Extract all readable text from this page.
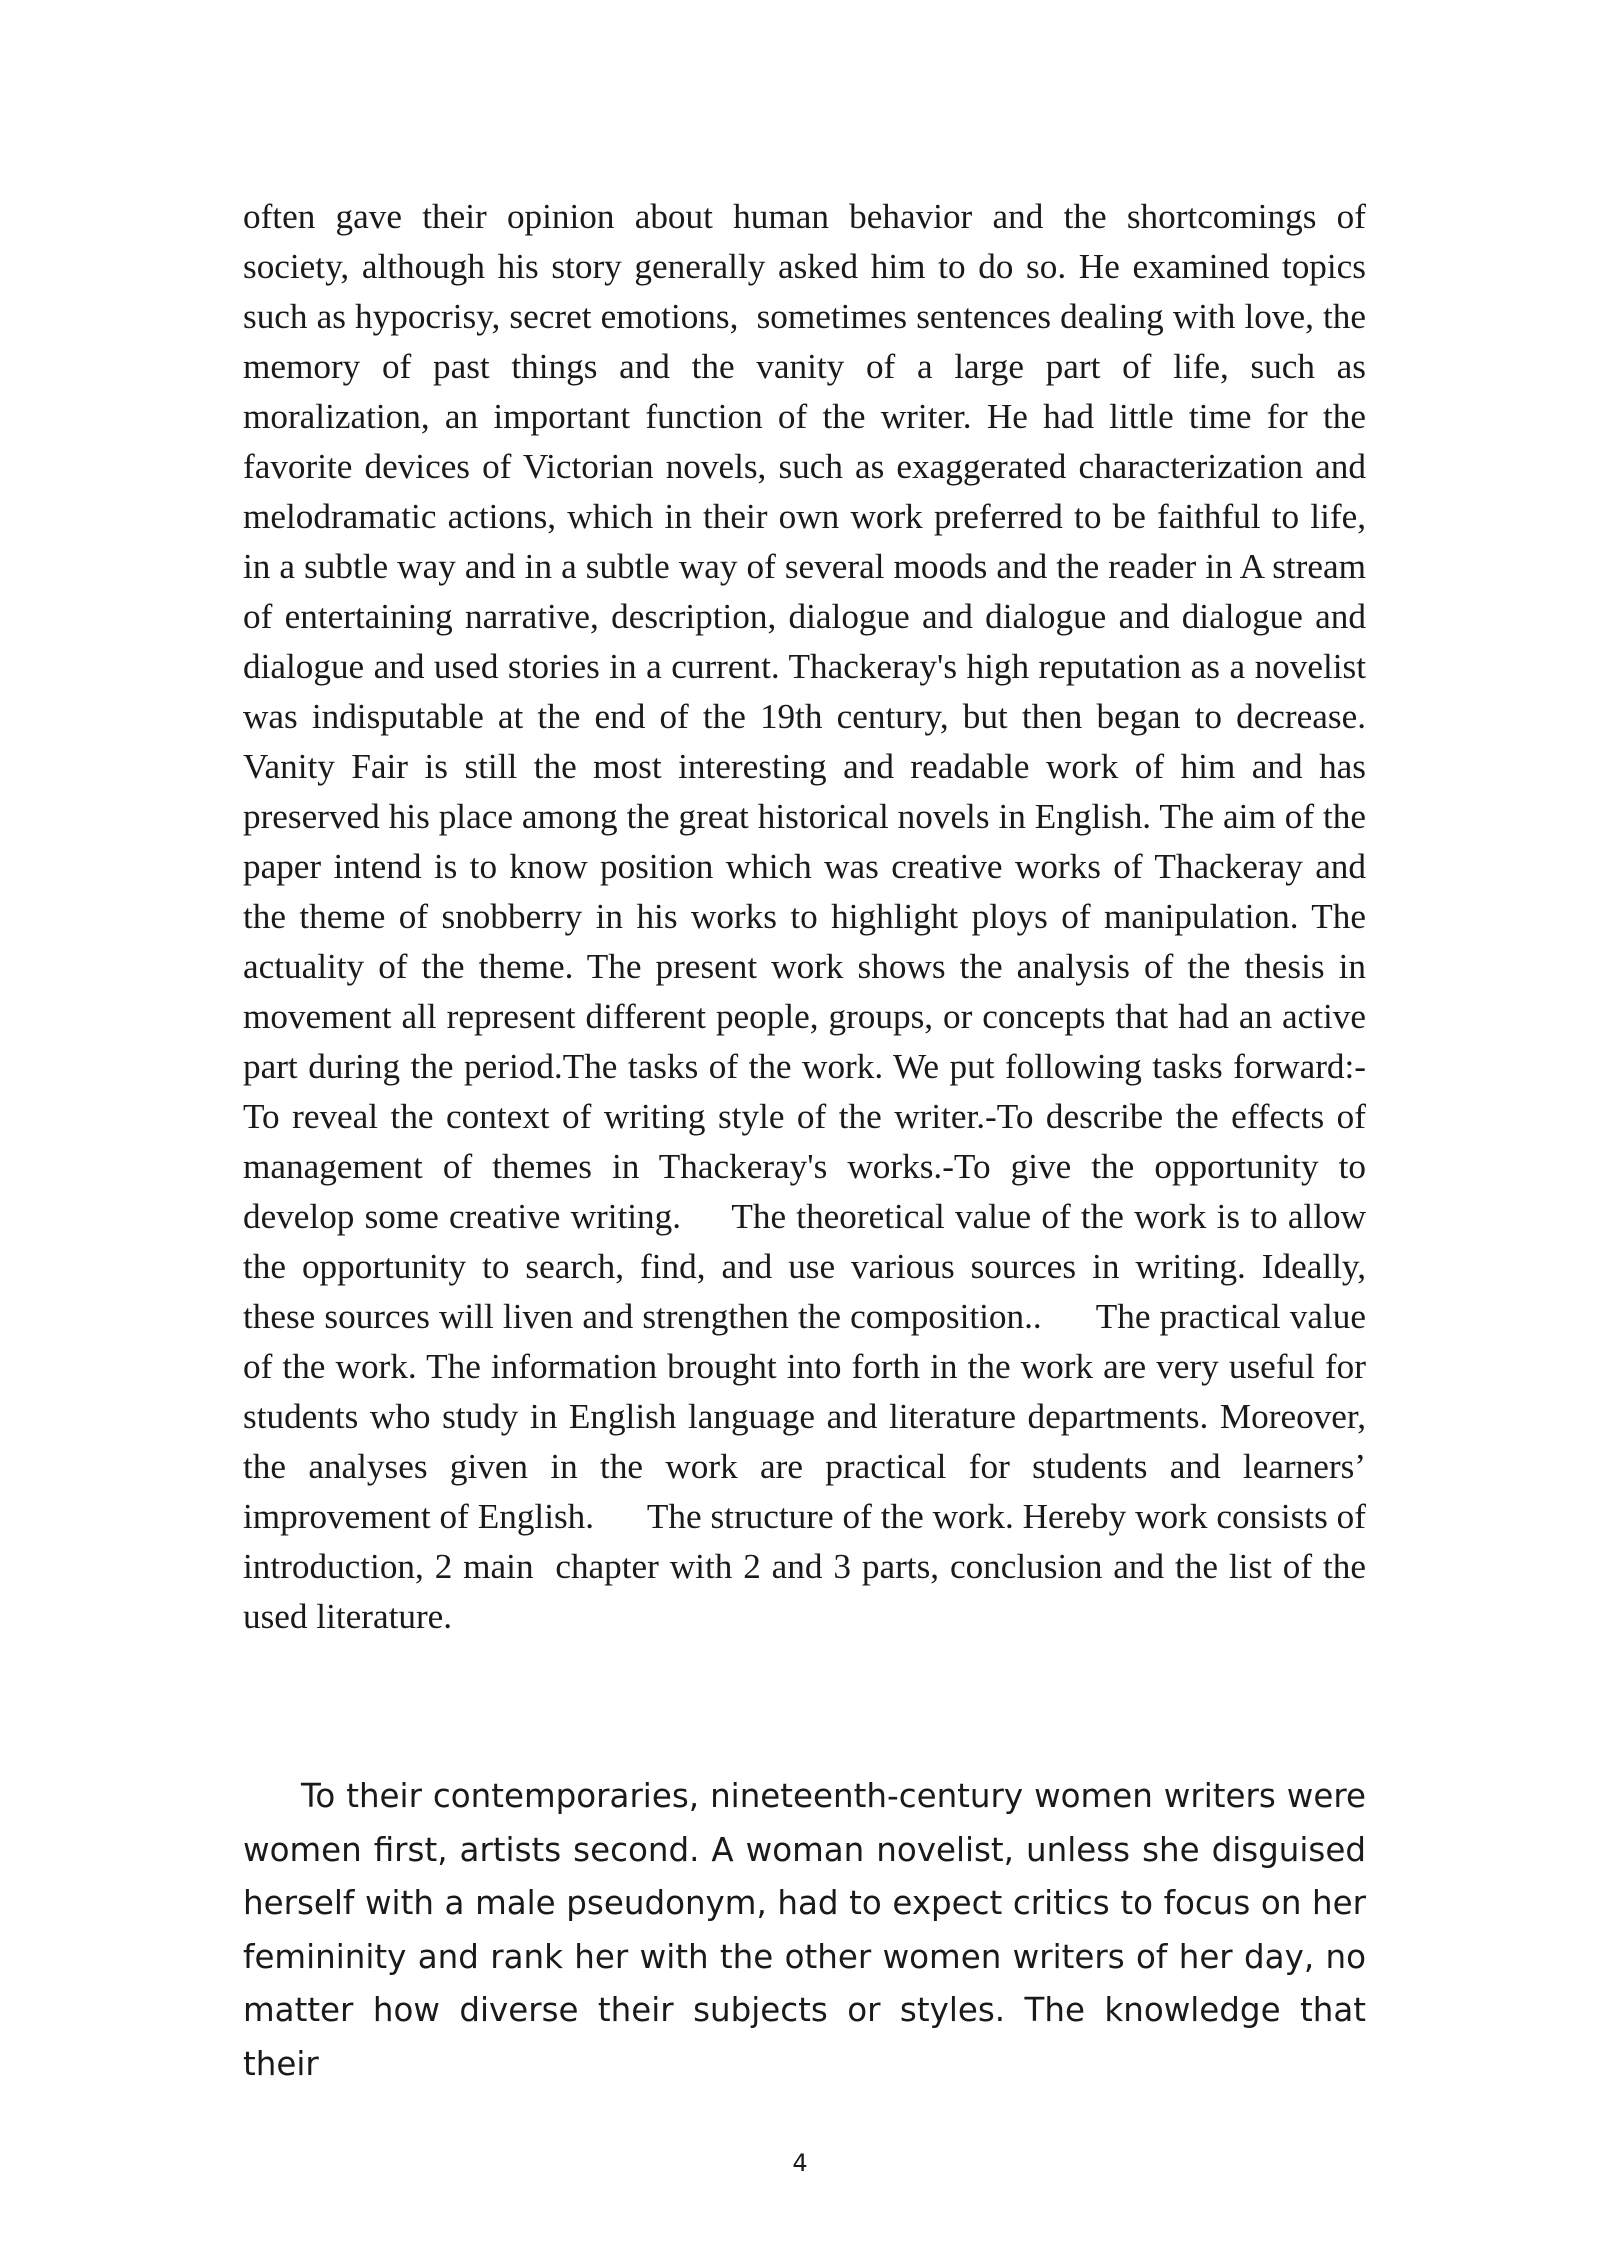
often gave their opinion about human behavior and the shortcomings of society, although his story generally asked him to do so. He examined topics such as hypocrisy, secret emotions,  sometimes sentences dealing with love, the memory of past things and the vanity of a large part of life, such as moralization, an important function of the writer. He had little time for the favorite devices of Victorian novels, such as exaggerated characterization and melodramatic actions, which in their own work preferred to be faithful to life, in a subtle way and in a subtle way of several moods and the reader in A stream of entertaining narrative, description, dialogue and dialogue and dialogue and dialogue and used stories in a current. Thackeray's high reputation as a novelist was indisputable at the end of the 19th century, but then began to decrease. Vanity Fair is still the most interesting and readable work of him and has preserved his place among the great historical novels in English. The aim of the paper intend is to know position which was creative works of Thackeray and the theme of snobberry in his works to highlight ploys of manipulation. The actuality of the theme. The present work shows the analysis of the thesis in movement all represent different people, groups, or concepts that had an active part during the period.The tasks of the work. We put following tasks forward:-To reveal the context of writing style of the writer.-To describe the effects of management of themes in Thackeray's works.-To give the opportunity to develop some creative writing.     The theoretical value of the work is to allow the opportunity to search, find, and use various sources in writing. Ideally, these sources will liven and strengthen the composition..      The practical value of the work. The information brought into forth in the work are very useful for students who study in English language and literature departments. Moreover, the analyses given in the work are practical for students and learners’ improvement of English.      The structure of the work. Hereby work consists of introduction, 2 main  chapter with 2 and 3 parts, conclusion and the list of the used literature.

To their contemporaries, nineteenth-century women writers were women first, artists second. A woman novelist, unless she disguised herself with a male pseudonym, had to expect critics to focus on her femininity and rank her with the other women writers of her day, no matter how diverse their subjects or styles. The knowledge that their

4
